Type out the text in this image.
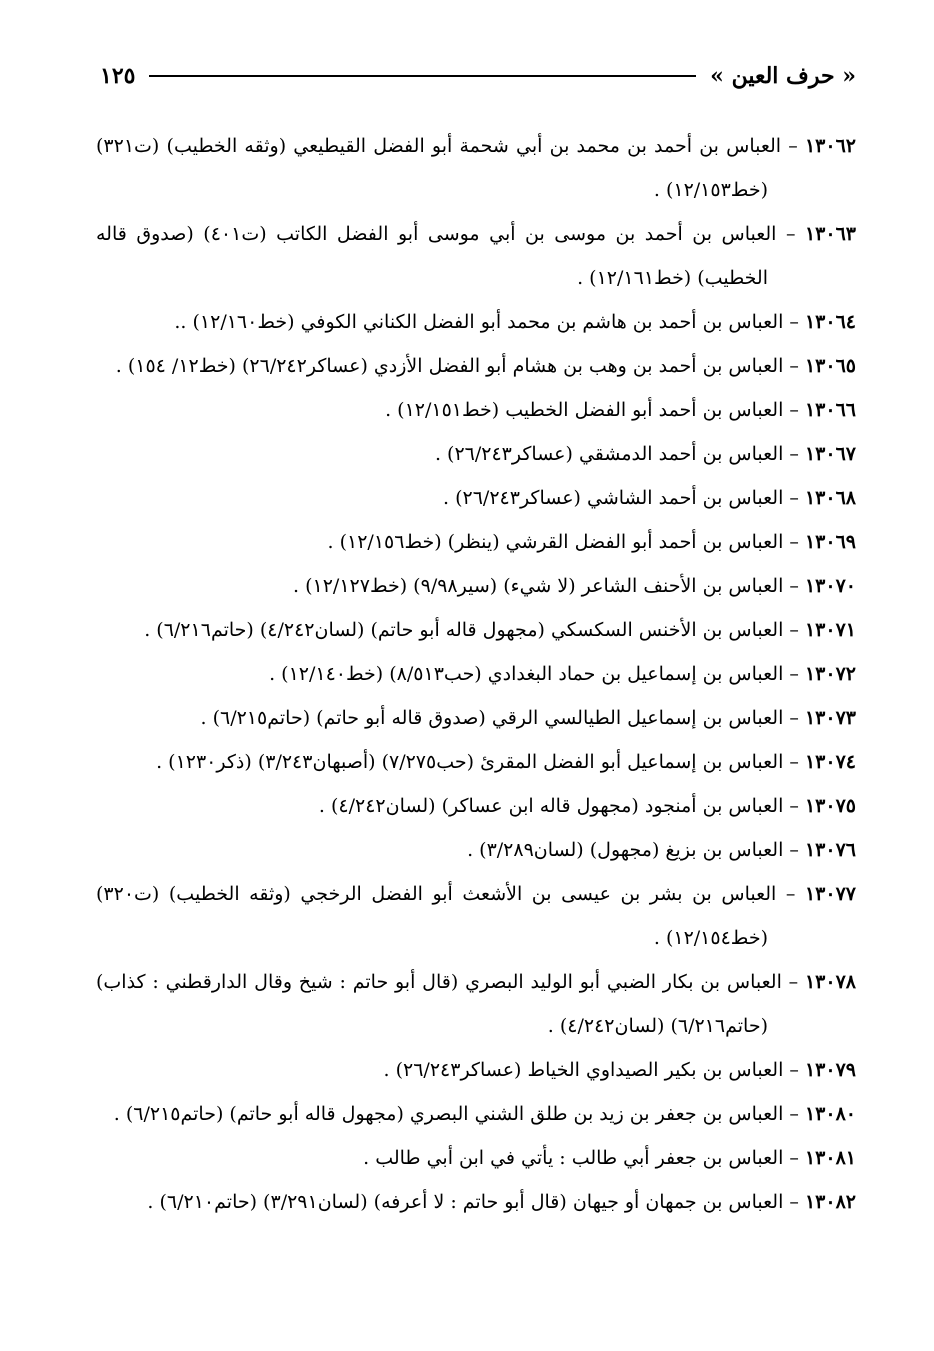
« حرف العين »
١٢٥

١٣٠٦٢ – العباس بن أحمد بن محمد بن أبي شحمة أبو الفضل القيطيعي (وثقه الخطيب) (ت٣٢١) (خط١٢/١٥٣) .

١٣٠٦٣ – العباس بن أحمد بن موسى بن أبي موسى أبو الفضل الكاتب (ت٤٠١) (صدوق قاله الخطيب) (خط١٢/١٦١) .

١٣٠٦٤ – العباس بن أحمد بن هاشم بن محمد أبو الفضل الكناني الكوفي (خط١٢/١٦٠) ..

١٣٠٦٥ – العباس بن أحمد بن وهب بن هشام أبو الفضل الأزدي (عساكر٢٦/٢٤٢) (خط١٢/ ١٥٤) .

١٣٠٦٦ – العباس بن أحمد أبو الفضل الخطيب (خط١٢/١٥١) .

١٣٠٦٧ – العباس بن أحمد الدمشقي (عساكر٢٦/٢٤٣) .

١٣٠٦٨ – العباس بن أحمد الشاشي (عساكر٢٦/٢٤٣) .

١٣٠٦٩ – العباس بن أحمد أبو الفضل القرشي (ينظر) (خط١٢/١٥٦) .

١٣٠٧٠ – العباس بن الأحنف الشاعر (لا شيء) (سير٩/٩٨) (خط١٢/١٢٧) .

١٣٠٧١ – العباس بن الأخنس السكسكي (مجهول قاله أبو حاتم) (لسان٤/٢٤٢) (حاتم٦/٢١٦) .

١٣٠٧٢ – العباس بن إسماعيل بن حماد البغدادي (حب٨/٥١٣) (خط١٢/١٤٠) .

١٣٠٧٣ – العباس بن إسماعيل الطيالسي الرقي (صدوق قاله أبو حاتم) (حاتم٦/٢١٥) .

١٣٠٧٤ – العباس بن إسماعيل أبو الفضل المقرئ (حب٧/٢٧٥) (أصبهان٣/٢٤٣) (ذكر١٢٣٠) .

١٣٠٧٥ – العباس بن أمنجود (مجهول قاله ابن عساكر) (لسان٤/٢٤٢) .

١٣٠٧٦ – العباس بن بزيغ (مجهول) (لسان٣/٢٨٩) .

١٣٠٧٧ – العباس بن بشر بن عيسى بن الأشعث أبو الفضل الرخجي (وثقه الخطيب) (ت٣٢٠) (خط١٢/١٥٤) .

١٣٠٧٨ – العباس بن بكار الضبي أبو الوليد البصري (قال أبو حاتم : شيخ وقال الدارقطني : كذاب) (حاتم٦/٢١٦) (لسان٤/٢٤٢) .

١٣٠٧٩ – العباس بن بكير الصيداوي الخياط (عساكر٢٦/٢٤٣) .

١٣٠٨٠ – العباس بن جعفر بن زيد بن طلق الشني البصري (مجهول قاله أبو حاتم) (حاتم٦/٢١٥) .

١٣٠٨١ – العباس بن جعفر أبي طالب : يأتي في ابن أبي طالب .

١٣٠٨٢ – العباس بن جمهان أو جيهان (قال أبو حاتم : لا أعرفه) (لسان٣/٢٩١) (حاتم٦/٢١٠) .
